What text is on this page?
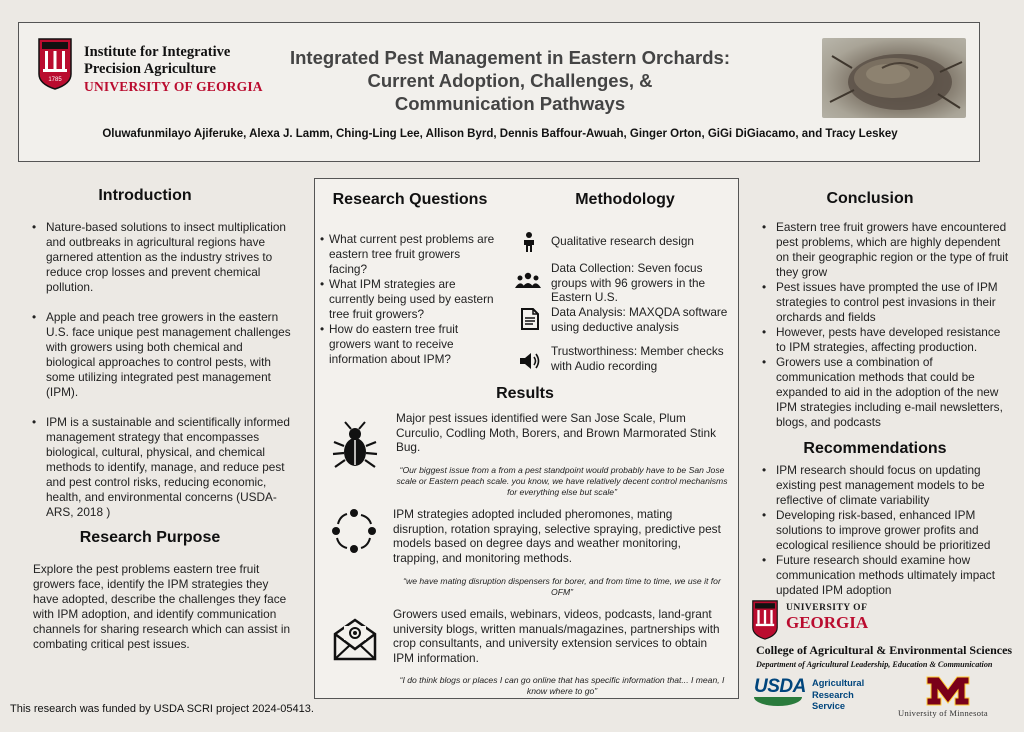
1785
Institute for Integrative
Precision Agriculture
UNIVERSITY OF GEORGIA
Integrated Pest Management in Eastern Orchards:
Current Adoption, Challenges, &
Communication Pathways
Oluwafunmilayo Ajiferuke, Alexa J. Lamm, Ching-Ling Lee, Allison Byrd, Dennis Baffour-Awuah, Ginger Orton, GiGi DiGiacamo, and Tracy Leskey
Introduction
• Nature-based solutions to insect multiplication and outbreaks in agricultural regions have garnered attention as the industry strives to reduce crop losses and prevent chemical pollution.
• Apple and peach tree growers in the eastern U.S. face unique pest management challenges with growers using both chemical and biological approaches to control pests, with some utilizing integrated pest management (IPM).
• IPM is a sustainable and scientifically informed management strategy that encompasses biological, cultural, physical, and chemical methods to identify, manage, and reduce pest and pest control risks, reducing economic, health, and environmental concerns (USDA-ARS, 2018 )
Research Purpose
Explore the pest problems eastern tree fruit growers face, identify the IPM strategies they have adopted, describe the challenges they face with IPM adoption, and identify communication channels for sharing research which can assist in combating critical pest issues.
This research was funded by USDA SCRI project 2024-05413.
Research Questions
• What current pest problems are eastern tree fruit growers facing?
• What IPM strategies are currently being used by eastern tree fruit growers?
• How do eastern tree fruit growers want to receive information about IPM?
Methodology
Qualitative research design
Data Collection: Seven focus groups with 96 growers in the Eastern U.S.
Data Analysis: MAXQDA software using deductive analysis
Trustworthiness: Member checks with Audio recording
Results
Major pest issues identified were San Jose Scale, Plum Curculio, Codling Moth, Borers, and Brown Marmorated Stink Bug.
“Our biggest issue from a from a pest standpoint would probably have to be San Jose scale or Eastern peach scale. you know, we have relatively decent control mechanisms for everything else but scale”
IPM strategies adopted included pheromones, mating disruption, rotation spraying, selective spraying, predictive pest models based on degree days and weather monitoring, trapping, and monitoring methods.
“we have mating disruption dispensers for borer, and from time to time, we use it for OFM”
Growers used emails, webinars, videos, podcasts, land-grant university blogs, written manuals/magazines, partnerships with crop consultants, and university extension services to obtain IPM information.
“I do think blogs or places I can go online that has specific information that... I mean, I know where to go”
Conclusion
• Eastern tree fruit growers have encountered pest problems, which are highly dependent on their geographic region or the type of fruit they grow
• Pest issues have prompted the use of IPM strategies to control pest invasions in their orchards and fields
• However, pests have developed resistance to IPM strategies, affecting production.
• Growers use a combination of communication methods that could be expanded to aid in the adoption of the new IPM strategies including e-mail newsletters, blogs, and podcasts
Recommendations
• IPM research should focus on updating existing pest management models to be reflective of climate variability
• Developing risk-based, enhanced IPM solutions to improve grower profits and ecological resilience should be prioritized
• Future research should examine how communication methods ultimately impact updated IPM adoption
UNIVERSITY OF
GEORGIA
College of Agricultural & Environmental Sciences
Department of Agricultural Leadership, Education & Communication
USDA Agricultural
Research
Service
University of Minnesota
